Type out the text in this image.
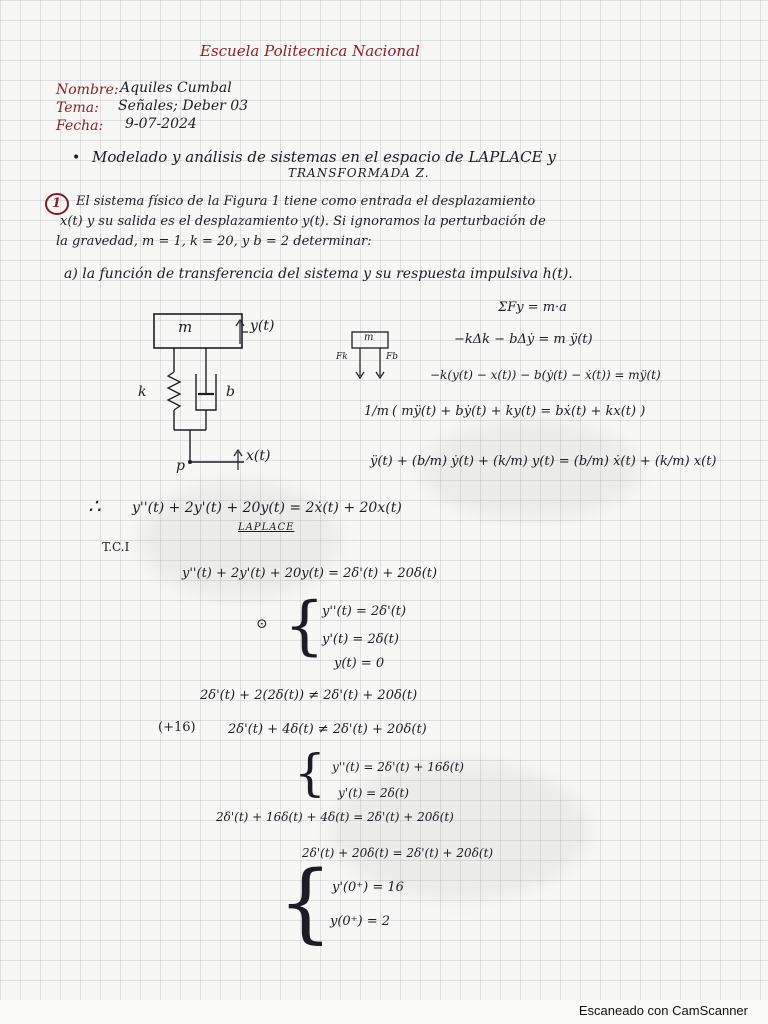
Escuela Politecnica Nacional
Nombre: Aquiles Cumbal
Tema: Señales; Deber 03
Fecha: 9-07-2024
• Modelado y análisis de sistemas en el espacio de LAPLACE y
TRANSFORMADA Z.
1 El sistema físico de la Figura 1 tiene como entrada el desplazamiento
x(t) y su salida es el desplazamiento y(t). Si ignoramos la perturbación de
la gravedad, m = 1, k = 20, y b = 2 determinar:
a) la función de transferencia del sistema y su respuesta impulsiva h(t).
m	y(t)
k	b
p
x(t)
m
Fk	Fb
ΣFy = m·a
−kΔk − bΔẏ = m ÿ(t)
−k(y(t) − x(t)) − b(ẏ(t) − ẋ(t)) = mÿ(t)
1/m ( mÿ(t) + bẏ(t) + ky(t) = bẋ(t) + kx(t) )
ÿ(t) + (b/m) ẏ(t) + (k/m) y(t) = (b/m) ẋ(t) + (k/m) x(t)
∴ y''(t) + 2y'(t) + 20y(t) = 2ẋ(t) + 20x(t)
LAPLACE
T.C.I
y''(t) + 2y'(t) + 20y(t) = 2δ'(t) + 20δ(t)
⊙ {
y''(t) = 2δ'(t)
y'(t) = 2δ(t)
y(t) = 0
2δ'(t) + 2(2δ(t)) ≠ 2δ'(t) + 20δ(t)
(+16) 2δ'(t) + 4δ(t) ≠ 2δ'(t) + 20δ(t)
{ y''(t) = 2δ'(t) + 16δ(t)
y'(t) = 2δ(t)
2δ'(t) + 16δ(t) + 4δ(t) = 2δ'(t) + 20δ(t)
2δ'(t) + 20δ(t) = 2δ'(t) + 20δ(t)
{ y'(0⁺) = 16
y(0⁺) = 2
Escaneado con CamScanner
